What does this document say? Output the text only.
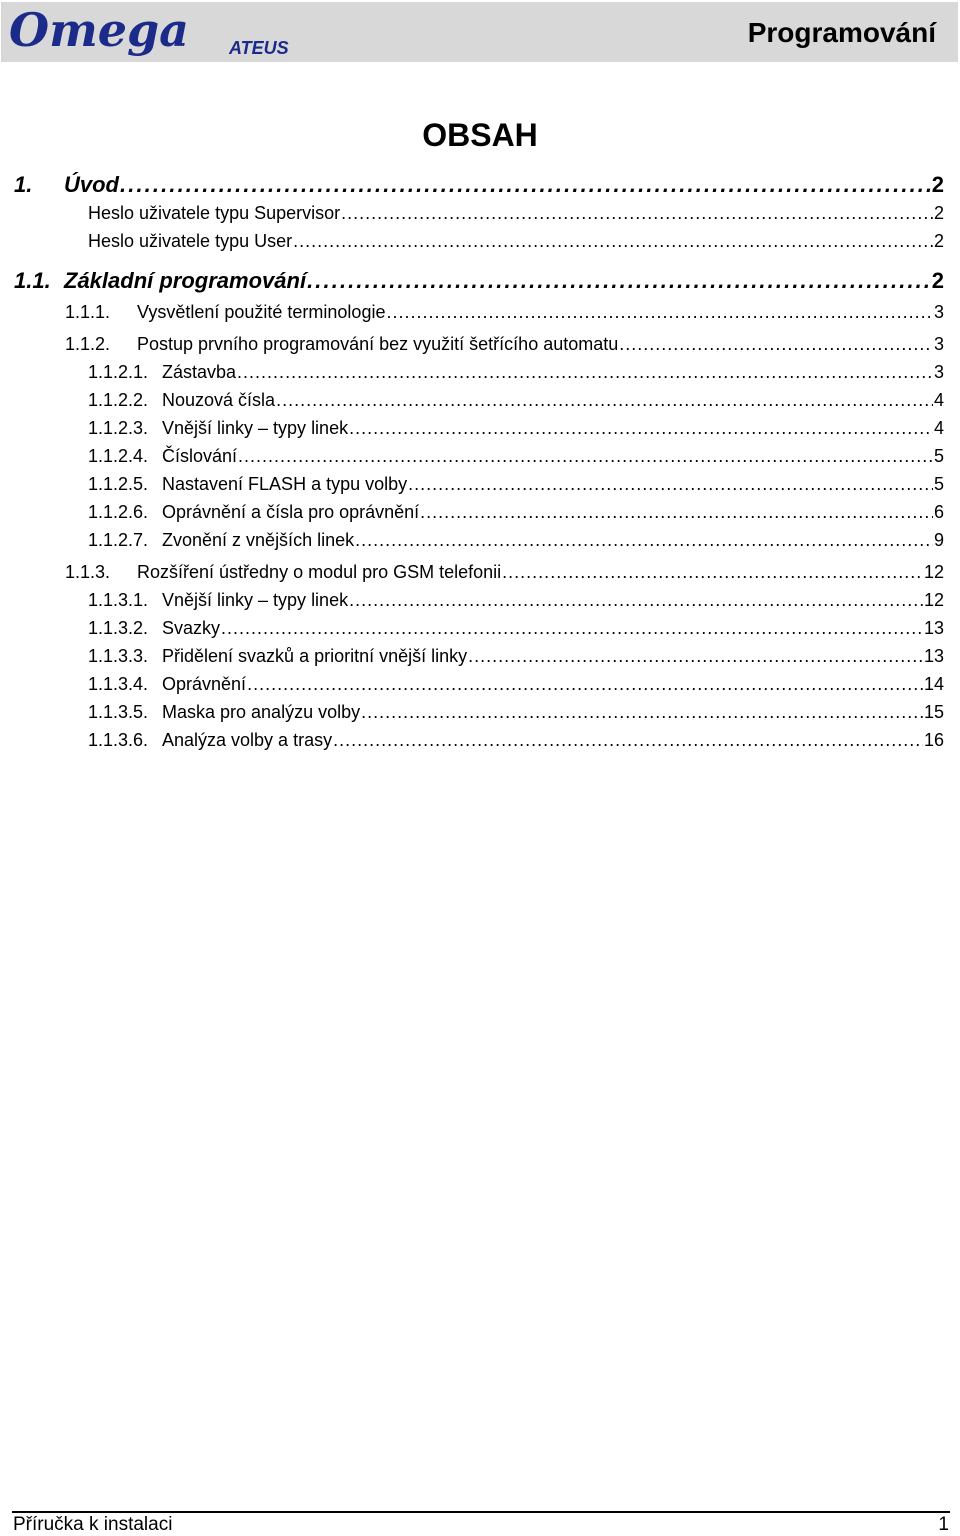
Omega ATEUS	Programování
OBSAH
1.	Úvod . . .	2
Heslo uživatele typu Supervisor . . .	2
Heslo uživatele typu User . . .	2
1.1. Základní programování . . .	2
1.1.1.	Vysvětlení použité terminologie . . .	3
1.1.2.	Postup prvního programování bez využití šetřícího automatu . . .	3
1.1.2.1. Zástavba . . .	3
1.1.2.2. Nouzová čísla . . .	4
1.1.2.3. Vnější linky – typy linek . . .	4
1.1.2.4. Číslování . . .	5
1.1.2.5. Nastavení FLASH a typu volby . . .	5
1.1.2.6. Oprávnění a čísla pro oprávnění . . .	6
1.1.2.7. Zvonění z vnějších linek . . .	9
1.1.3.	Rozšíření ústředny o modul pro GSM telefonii . . .	12
1.1.3.1. Vnější linky – typy linek . . .	12
1.1.3.2. Svazky . . .	13
1.1.3.3. Přidělení svazků a prioritní vnější linky . . .	13
1.1.3.4. Oprávnění . . .	14
1.1.3.5. Maska pro analýzu volby . . .	15
1.1.3.6. Analýza volby a trasy . . .	16
Příručka k instalaci	1
